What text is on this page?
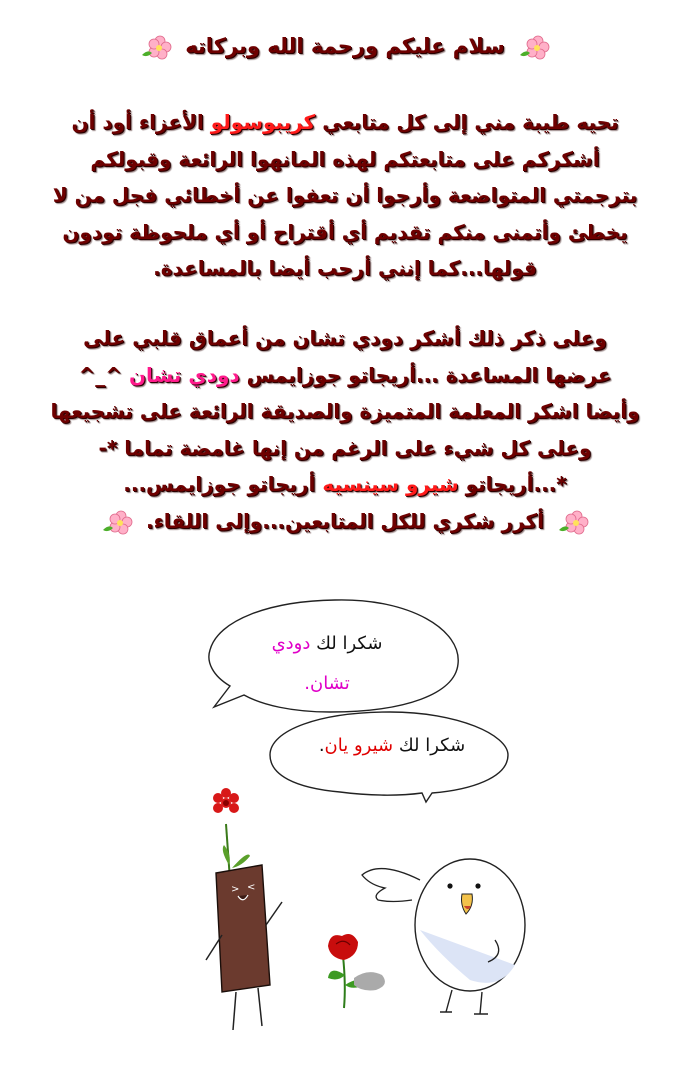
سلام عليكم ورحمة الله وبركاته
تحيه طيبة مني إلى كل متابعي كريبوسولو الأعزاء أود أن أشكركم على متابعتكم لهذه المانهوا الرائعة وقبولكم بترجمتي المتواضعة وأرجوا أن تعفوا عن أخطائي فجل من لا يخطئ وأتمنى منكم تقديم أي أقتراح أو أي ملحوظة تودون قولها...كما إنني أرحب أيضا بالمساعدة.
وعلى ذكر ذلك أشكر دودي تشان من أعماق قلبي على عرضها المساعدة ...أريجاتو جوزايمس دودي تشان ^_^ وأيضا اشكر المعلمة المتميزة والصديقة الرائعة على تشجيعها وعلى كل شيء على الرغم من إنها غامضة تماما *-*...أريجاتو شيرو سينسيه أريجاتو جوزايمس...
أكرر شكري للكل المتابعين...وإلى اللقاء.
> <
شكرا لك دودي
تشان.
شكرا لك شيرو يان.
